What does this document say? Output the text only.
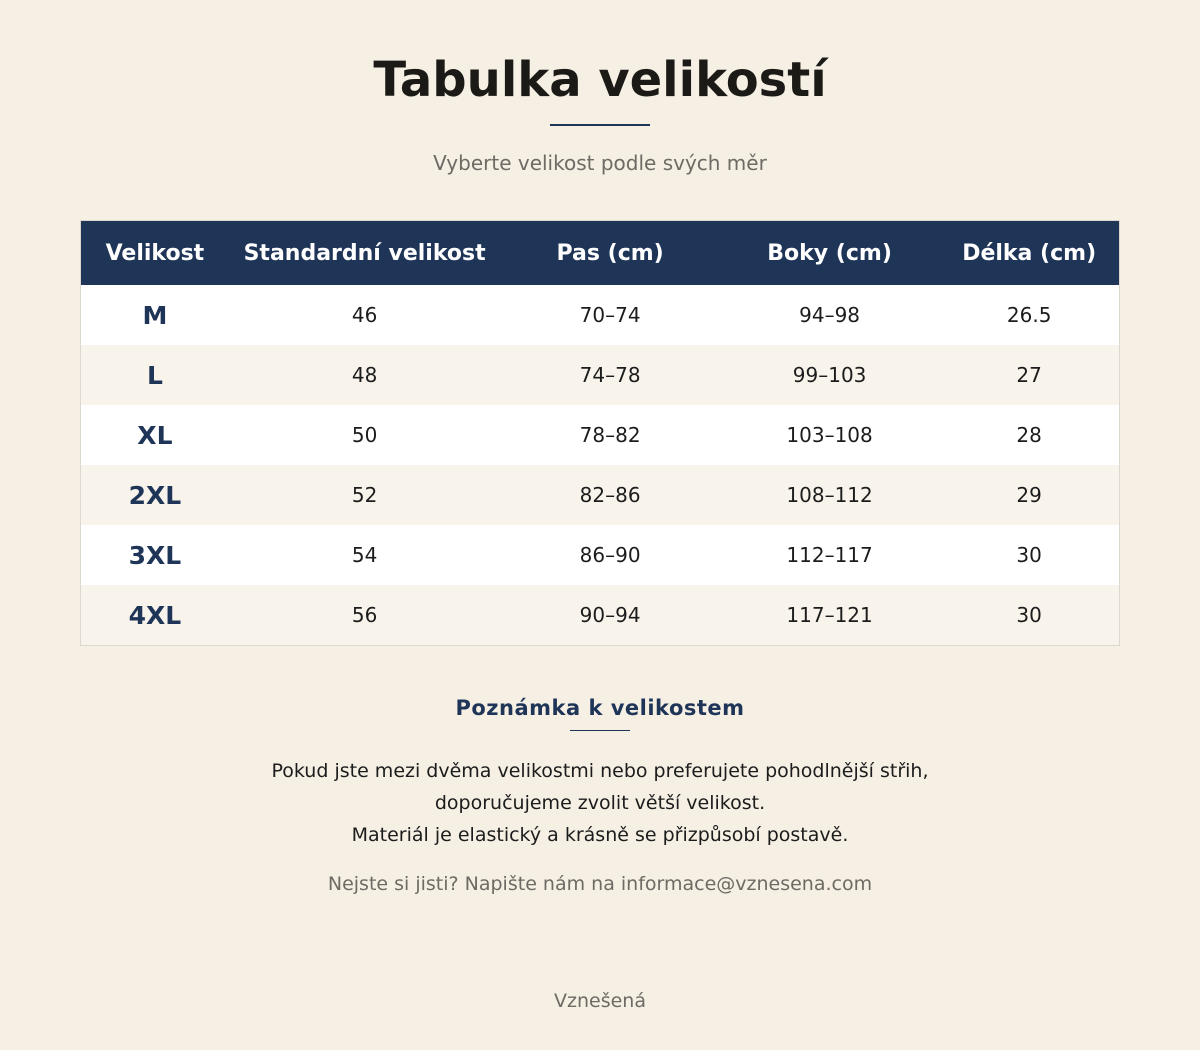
Tabulka velikostí
Vyberte velikost podle svých měr
Velikost	Standardní velikost	Pas (cm)	Boky (cm)	Délka (cm)
M	46	70–74	94–98	26.5
L	48	74–78	99–103	27
XL	50	78–82	103–108	28
2XL	52	82–86	108–112	29
3XL	54	86–90	112–117	30
4XL	56	90–94	117–121	30
Poznámka k velikostem
Pokud jste mezi dvěma velikostmi nebo preferujete pohodlnější střih,
doporučujeme zvolit větší velikost.
Materiál je elastický a krásně se přizpůsobí postavě.
Nejste si jisti? Napište nám na informace@vznesena.com
Vznešená
